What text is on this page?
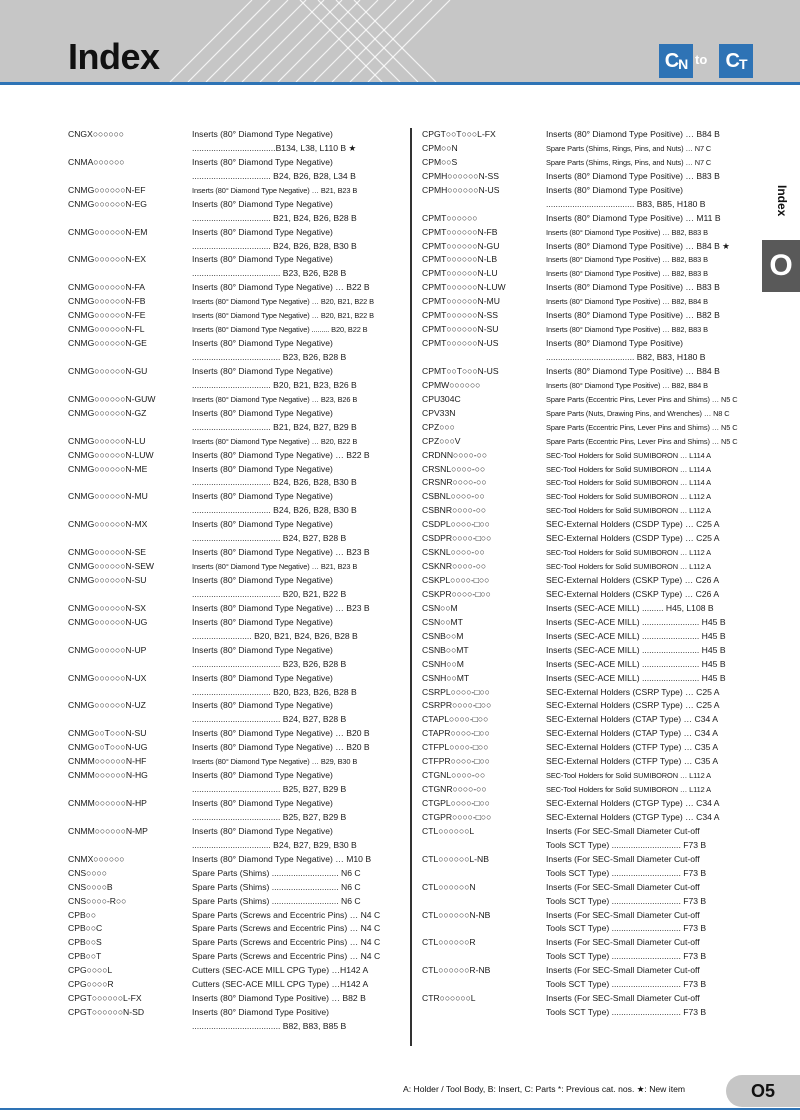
Index	C N to C T
Index
O
CNGX○○○○○○	Inserts (80° Diamond Type Negative)
...................................B134, L38, L110 B ★
CNMA○○○○○○	Inserts (80° Diamond Type Negative)
................................. B24, B26, B28, L34 B
CNMG○○○○○○N-EF	Inserts (80° Diamond Type Negative) … B21, B23 B
CNMG○○○○○○N-EG	Inserts (80° Diamond Type Negative)
................................. B21, B24, B26, B28 B
CNMG○○○○○○N-EM	Inserts (80° Diamond Type Negative)
................................. B24, B26, B28, B30 B
CNMG○○○○○○N-EX	Inserts (80° Diamond Type Negative)
..................................... B23, B26, B28 B
CNMG○○○○○○N-FA	Inserts (80° Diamond Type Negative) … B22 B
CNMG○○○○○○N-FB	Inserts (80° Diamond Type Negative) … B20, B21, B22 B
CNMG○○○○○○N-FE	Inserts (80° Diamond Type Negative) … B20, B21, B22 B
CNMG○○○○○○N-FL	Inserts (80° Diamond Type Negative) ......... B20, B22 B
CNMG○○○○○○N-GE	Inserts (80° Diamond Type Negative)
..................................... B23, B26, B28 B
CNMG○○○○○○N-GU	Inserts (80° Diamond Type Negative)
................................. B20, B21, B23, B26 B
CNMG○○○○○○N-GUW	Inserts (80° Diamond Type Negative) … B23, B26 B
CNMG○○○○○○N-GZ	Inserts (80° Diamond Type Negative)
................................. B21, B24, B27, B29 B
CNMG○○○○○○N-LU	Inserts (80° Diamond Type Negative) … B20, B22 B
CNMG○○○○○○N-LUW	Inserts (80° Diamond Type Negative) … B22 B
CNMG○○○○○○N-ME	Inserts (80° Diamond Type Negative)
................................. B24, B26, B28, B30 B
CNMG○○○○○○N-MU	Inserts (80° Diamond Type Negative)
................................. B24, B26, B28, B30 B
CNMG○○○○○○N-MX	Inserts (80° Diamond Type Negative)
..................................... B24, B27, B28 B
CNMG○○○○○○N-SE	Inserts (80° Diamond Type Negative) … B23 B
CNMG○○○○○○N-SEW	Inserts (80° Diamond Type Negative) … B21, B23 B
CNMG○○○○○○N-SU	Inserts (80° Diamond Type Negative)
..................................... B20, B21, B22 B
CNMG○○○○○○N-SX	Inserts (80° Diamond Type Negative) … B23 B
CNMG○○○○○○N-UG	Inserts (80° Diamond Type Negative)
......................... B20, B21, B24, B26, B28 B
CNMG○○○○○○N-UP	Inserts (80° Diamond Type Negative)
..................................... B23, B26, B28 B
CNMG○○○○○○N-UX	Inserts (80° Diamond Type Negative)
................................. B20, B23, B26, B28 B
CNMG○○○○○○N-UZ	Inserts (80° Diamond Type Negative)
..................................... B24, B27, B28 B
CNMG○○T○○○N-SU	Inserts (80° Diamond Type Negative) … B20 B
CNMG○○T○○○N-UG	Inserts (80° Diamond Type Negative) … B20 B
CNMM○○○○○○N-HF	Inserts (80° Diamond Type Negative) … B29, B30 B
CNMM○○○○○○N-HG	Inserts (80° Diamond Type Negative)
..................................... B25, B27, B29 B
CNMM○○○○○○N-HP	Inserts (80° Diamond Type Negative)
..................................... B25, B27, B29 B
CNMM○○○○○○N-MP	Inserts (80° Diamond Type Negative)
................................. B24, B27, B29, B30 B
CNMX○○○○○○	Inserts (80° Diamond Type Negative) … M10 B
CNS○○○○	Spare Parts (Shims) ............................ N6 C
CNS○○○○B	Spare Parts (Shims) ............................ N6 C
CNS○○○○-R○○	Spare Parts (Shims) ............................ N6 C
CPB○○	Spare Parts (Screws and Eccentric Pins) … N4 C
CPB○○C	Spare Parts (Screws and Eccentric Pins) … N4 C
CPB○○S	Spare Parts (Screws and Eccentric Pins) … N4 C
CPB○○T	Spare Parts (Screws and Eccentric Pins) … N4 C
CPG○○○○L	Cutters (SEC-ACE MILL CPG Type) …H142 A
CPG○○○○R	Cutters (SEC-ACE MILL CPG Type) …H142 A
CPGT○○○○○○L-FX	Inserts (80° Diamond Type Positive) … B82 B
CPGT○○○○○○N-SD	Inserts (80° Diamond Type Positive)
..................................... B82, B83, B85 B
CPGT○○T○○○L-FX	Inserts (80° Diamond Type Positive) … B84 B
CPM○○N	Spare Parts (Shims, Rings, Pins, and Nuts) … N7 C
CPM○○S	Spare Parts (Shims, Rings, Pins, and Nuts) … N7 C
CPMH○○○○○○N-SS	Inserts (80° Diamond Type Positive) … B83 B
CPMH○○○○○○N-US	Inserts (80° Diamond Type Positive)
..................................... B83, B85, H180 B
CPMT○○○○○○	Inserts (80° Diamond Type Positive) … M11 B
CPMT○○○○○○N-FB	Inserts (80° Diamond Type Positive) … B82, B83 B
CPMT○○○○○○N-GU	Inserts (80° Diamond Type Positive) … B84 B ★
CPMT○○○○○○N-LB	Inserts (80° Diamond Type Positive) … B82, B83 B
CPMT○○○○○○N-LU	Inserts (80° Diamond Type Positive) … B82, B83 B
CPMT○○○○○○N-LUW	Inserts (80° Diamond Type Positive) … B83 B
CPMT○○○○○○N-MU	Inserts (80° Diamond Type Positive) … B82, B84 B
CPMT○○○○○○N-SS	Inserts (80° Diamond Type Positive) … B82 B
CPMT○○○○○○N-SU	Inserts (80° Diamond Type Positive) … B82, B83 B
CPMT○○○○○○N-US	Inserts (80° Diamond Type Positive)
..................................... B82, B83, H180 B
CPMT○○T○○○N-US	Inserts (80° Diamond Type Positive) … B84 B
CPMW○○○○○○	Inserts (80° Diamond Type Positive) … B82, B84 B
CPU304C	Spare Parts (Eccentric Pins, Lever Pins and Shims) … N5 C
CPV33N	Spare Parts (Nuts, Drawing Pins, and Wrenches) … N8 C
CPZ○○○	Spare Parts (Eccentric Pins, Lever Pins and Shims) … N5 C
CPZ○○○V	Spare Parts (Eccentric Pins, Lever Pins and Shims) … N5 C
CRDNN○○○○-○○	SEC-Tool Holders for Solid SUMIBORON … L114 A
CRSNL○○○○-○○	SEC-Tool Holders for Solid SUMIBORON … L114 A
CRSNR○○○○-○○	SEC-Tool Holders for Solid SUMIBORON … L114 A
CSBNL○○○○-○○	SEC-Tool Holders for Solid SUMIBORON … L112 A
CSBNR○○○○-○○	SEC-Tool Holders for Solid SUMIBORON … L112 A
CSDPL○○○○-□○○	SEC-External Holders (CSDP Type) … C25 A
CSDPR○○○○-□○○	SEC-External Holders (CSDP Type) … C25 A
CSKNL○○○○-○○	SEC-Tool Holders for Solid SUMIBORON … L112 A
CSKNR○○○○-○○	SEC-Tool Holders for Solid SUMIBORON … L112 A
CSKPL○○○○-□○○	SEC-External Holders (CSKP Type) … C26 A
CSKPR○○○○-□○○	SEC-External Holders (CSKP Type) … C26 A
CSN○○M	Inserts (SEC-ACE MILL) ......... H45, L108 B
CSN○○MT	Inserts (SEC-ACE MILL) ........................ H45 B
CSNB○○M	Inserts (SEC-ACE MILL) ........................ H45 B
CSNB○○MT	Inserts (SEC-ACE MILL) ........................ H45 B
CSNH○○M	Inserts (SEC-ACE MILL) ........................ H45 B
CSNH○○MT	Inserts (SEC-ACE MILL) ........................ H45 B
CSRPL○○○○-□○○	SEC-External Holders (CSRP Type) … C25 A
CSRPR○○○○-□○○	SEC-External Holders (CSRP Type) … C25 A
CTAPL○○○○-□○○	SEC-External Holders (CTAP Type) … C34 A
CTAPR○○○○-□○○	SEC-External Holders (CTAP Type) … C34 A
CTFPL○○○○-□○○	SEC-External Holders (CTFP Type) … C35 A
CTFPR○○○○-□○○	SEC-External Holders (CTFP Type) … C35 A
CTGNL○○○○-○○	SEC-Tool Holders for Solid SUMIBORON … L112 A
CTGNR○○○○-○○	SEC-Tool Holders for Solid SUMIBORON … L112 A
CTGPL○○○○-□○○	SEC-External Holders (CTGP Type) … C34 A
CTGPR○○○○-□○○	SEC-External Holders (CTGP Type) … C34 A
CTL○○○○○○L	Inserts (For SEC-Small Diameter Cut-off
Tools SCT Type) ............................. F73 B
CTL○○○○○○L-NB	Inserts (For SEC-Small Diameter Cut-off
Tools SCT Type) ............................. F73 B
CTL○○○○○○N	Inserts (For SEC-Small Diameter Cut-off
Tools SCT Type) ............................. F73 B
CTL○○○○○○N-NB	Inserts (For SEC-Small Diameter Cut-off
Tools SCT Type) ............................. F73 B
CTL○○○○○○R	Inserts (For SEC-Small Diameter Cut-off
Tools SCT Type) ............................. F73 B
CTL○○○○○○R-NB	Inserts (For SEC-Small Diameter Cut-off
Tools SCT Type) ............................. F73 B
CTR○○○○○○L	Inserts (For SEC-Small Diameter Cut-off
Tools SCT Type) ............................. F73 B
A: Holder / Tool Body, B: Insert, C: Parts *: Previous cat. nos. ★: New item	O5
